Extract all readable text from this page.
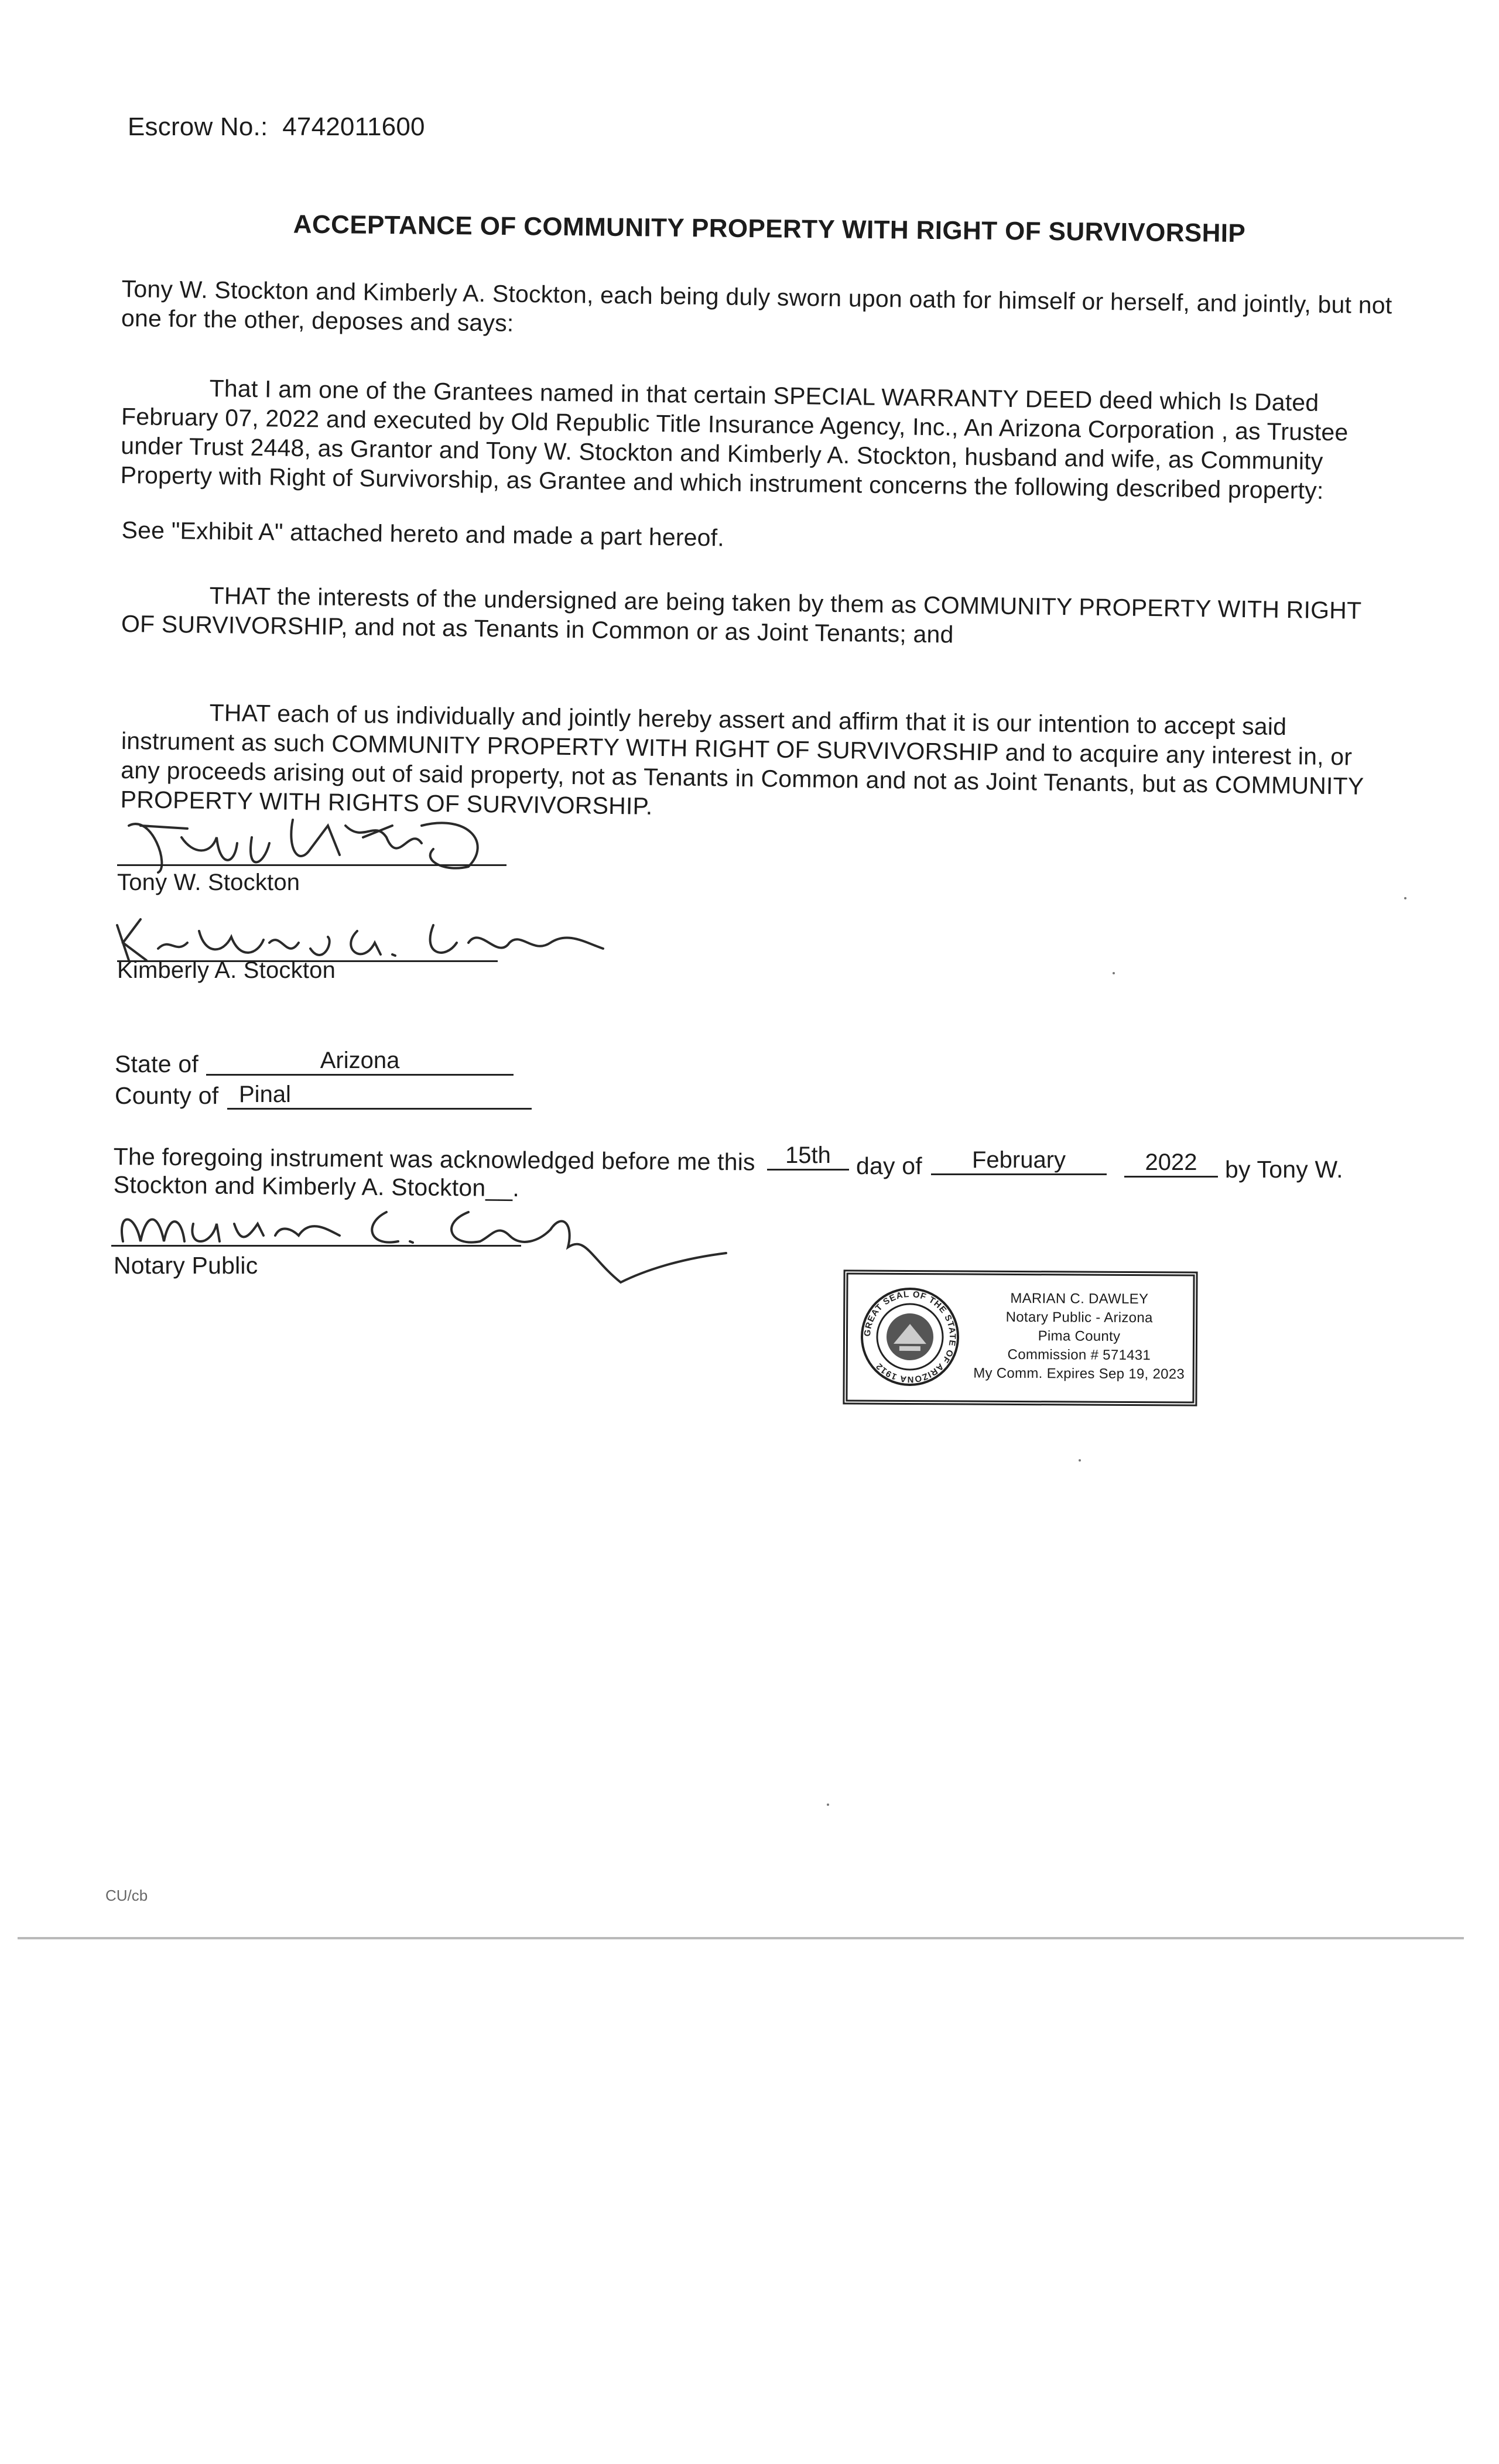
Escrow No.: 4742011600
ACCEPTANCE OF COMMUNITY PROPERTY WITH RIGHT OF SURVIVORSHIP
Tony W. Stockton and Kimberly A. Stockton, each being duly sworn upon oath for himself or herself, and jointly, but not one for the other, deposes and says:
That I am one of the Grantees named in that certain SPECIAL WARRANTY DEED deed which Is Dated February 07, 2022 and executed by Old Republic Title Insurance Agency, Inc., An Arizona Corporation , as Trustee under Trust 2448, as Grantor and Tony W. Stockton and Kimberly A. Stockton, husband and wife, as Community Property with Right of Survivorship, as Grantee and which instrument concerns the following described property:
See "Exhibit A" attached hereto and made a part hereof.
THAT the interests of the undersigned are being taken by them as COMMUNITY PROPERTY WITH RIGHT OF SURVIVORSHIP, and not as Tenants in Common or as Joint Tenants; and
THAT each of us individually and jointly hereby assert and affirm that it is our intention to accept said instrument as such COMMUNITY PROPERTY WITH RIGHT OF SURVIVORSHIP and to acquire any interest in, or any proceeds arising out of said property, not as Tenants in Common and not as Joint Tenants, but as COMMUNITY PROPERTY WITH RIGHTS OF SURVIVORSHIP.
Tony W. Stockton
Kimberly A. Stockton
State of	Arizona
County of Pinal
The foregoing instrument was acknowledged before me this	15th	day of	February	2022	by Tony W.
Stockton and Kimberly A. Stockton__.
Notary Public
GREAT SEAL OF THE STATE OF ARIZONA 1912
MARIAN C. DAWLEY
Notary Public - Arizona
Pima County
Commission # 571431
My Comm. Expires Sep 19, 2023
CU/cb
